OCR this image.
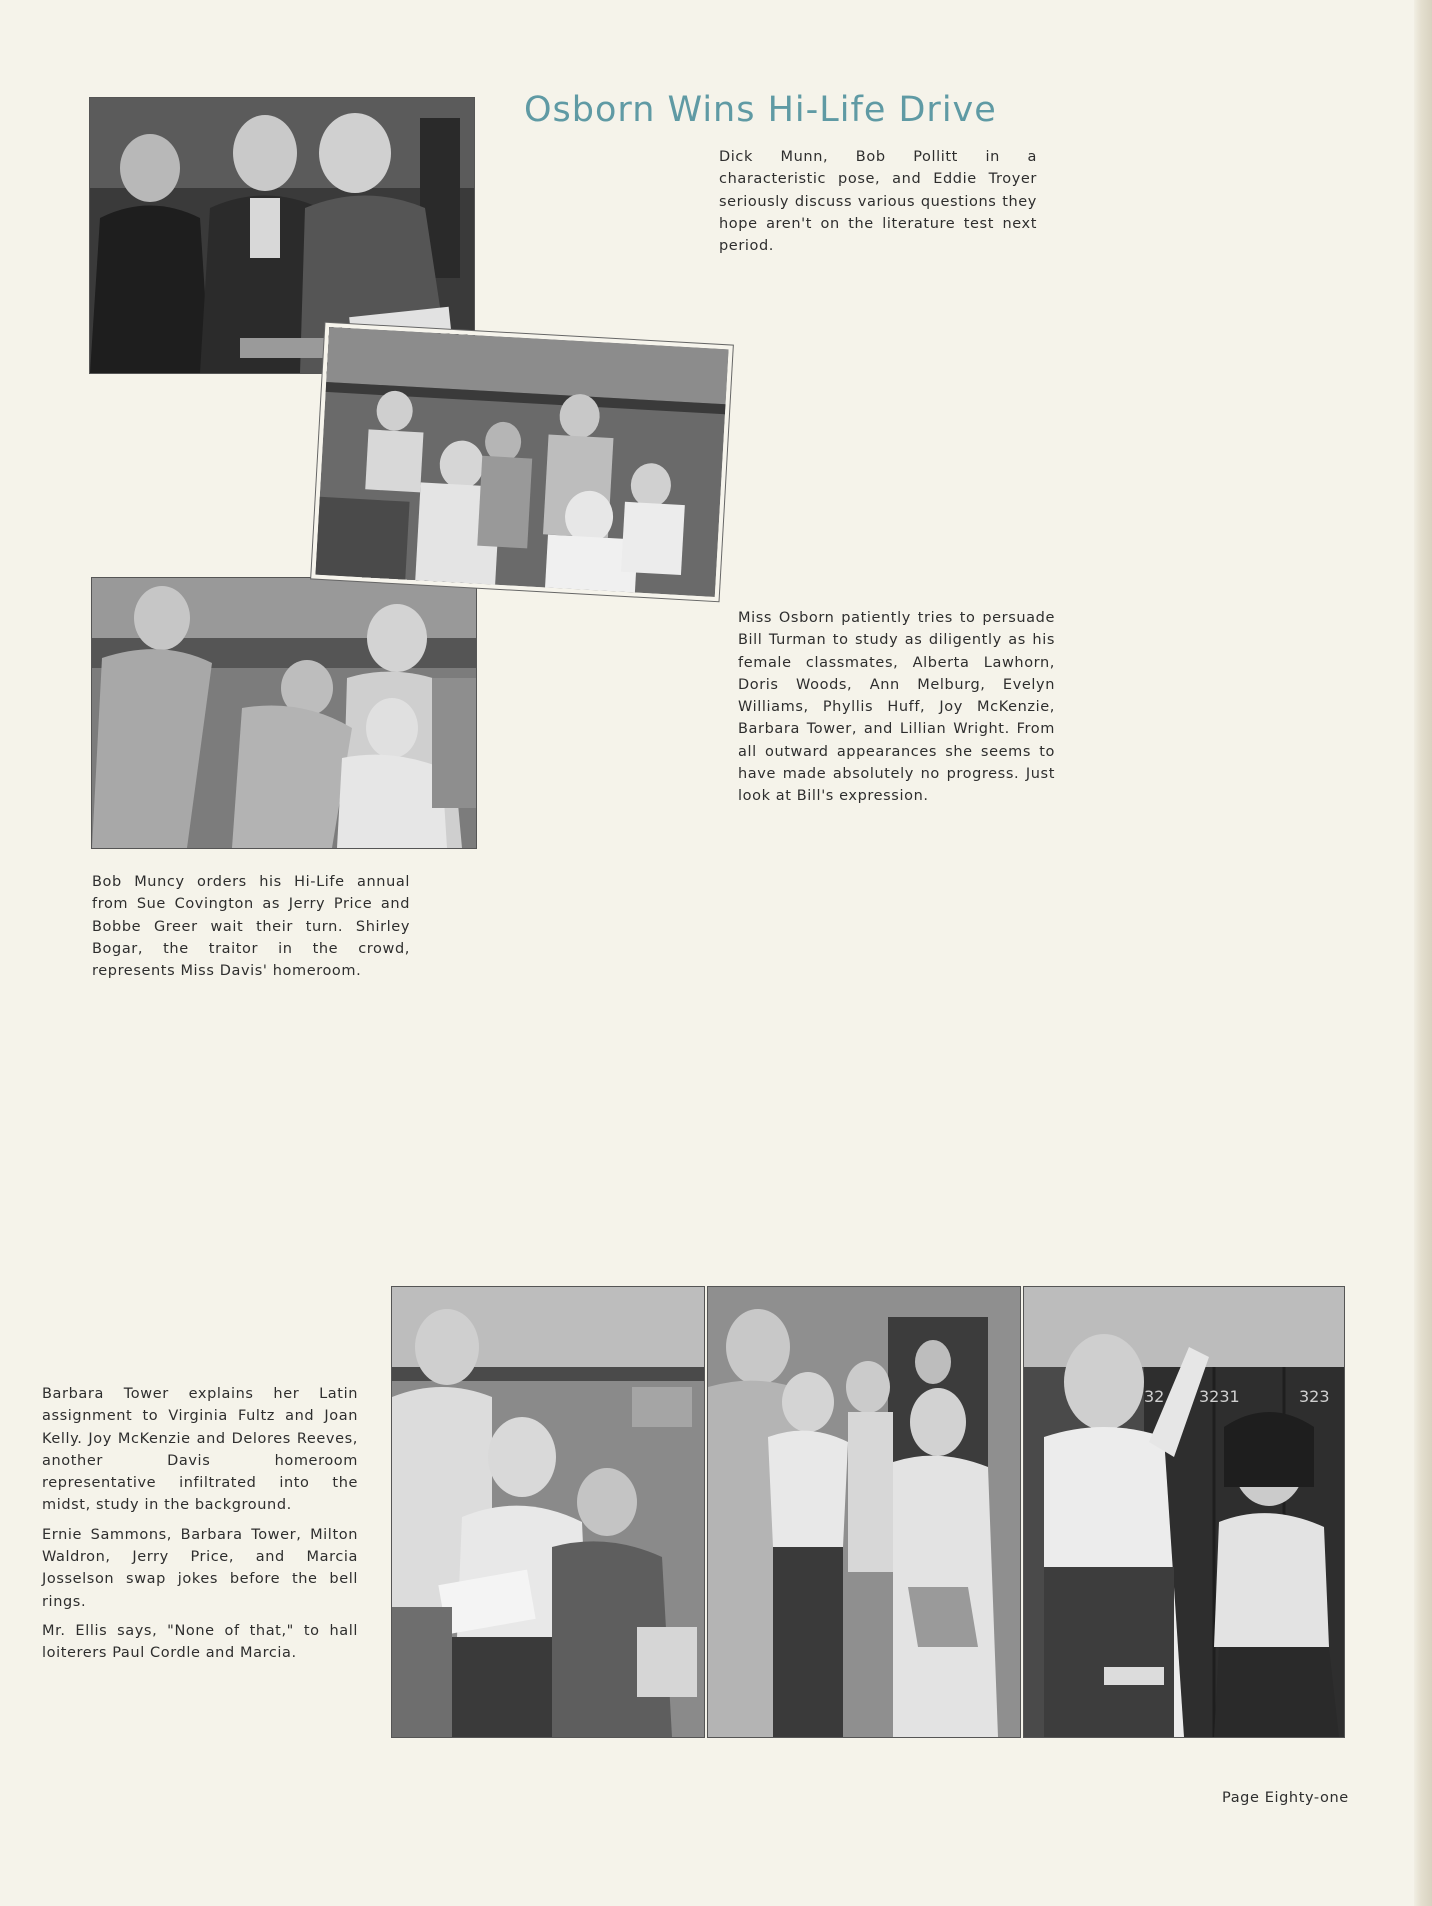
Osborn Wins Hi-Life Drive

Dick Munn, Bob Pollitt in a characteristic pose, and Eddie Troyer seriously discuss various questions they hope aren't on the literature test next period.

Miss Osborn patiently tries to persuade Bill Turman to study as diligently as his female classmates, Alberta Lawhorn, Doris Woods, Ann Melburg, Evelyn Williams, Phyllis Huff, Joy McKenzie, Barbara Tower, and Lillian Wright. From all outward appearances she seems to have made absolutely no progress. Just look at Bill's expression.

Bob Muncy orders his Hi-Life annual from Sue Covington as Jerry Price and Bobbe Greer wait their turn. Shirley Bogar, the traitor in the crowd, represents Miss Davis' homeroom.

Barbara Tower explains her Latin assignment to Virginia Fultz and Joan Kelly. Joy McKenzie and Delores Reeves, another Davis homeroom representative infiltrated into the midst, study in the background.

Ernie Sammons, Barbara Tower, Milton Waldron, Jerry Price, and Marcia Josselson swap jokes before the bell rings.

Mr. Ellis says, "None of that," to hall loiterers Paul Cordle and Marcia.

32 3231	323
Page Eighty-one
